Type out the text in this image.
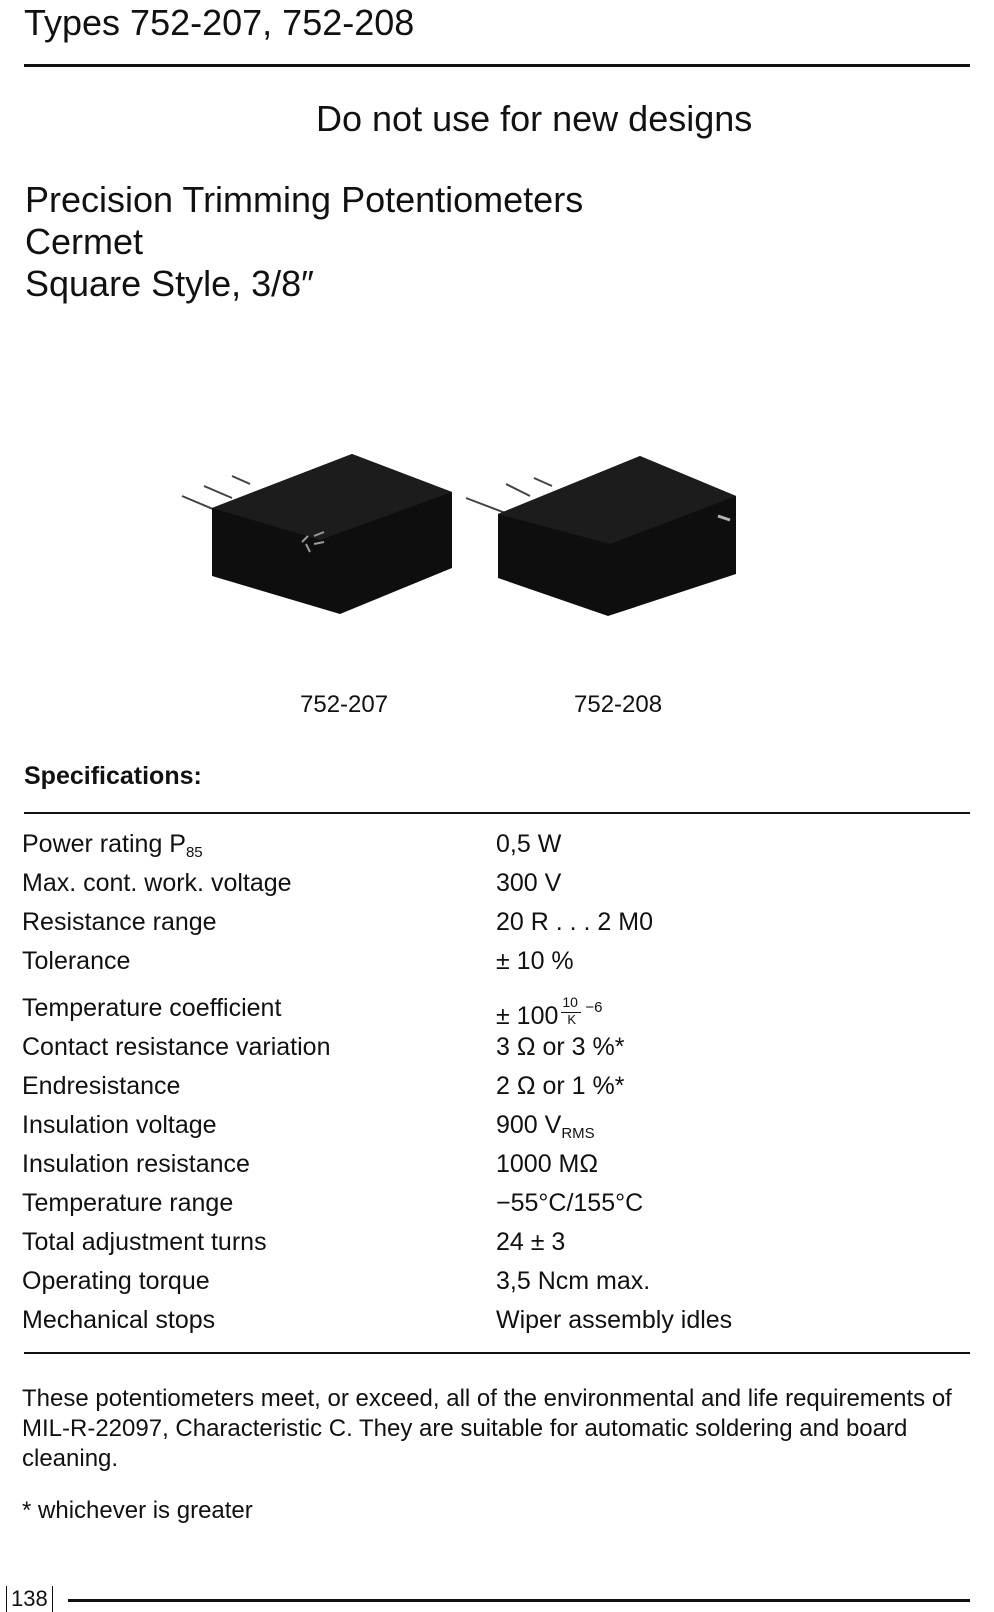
Types 752-207, 752-208
Do not use for new designs
Precision Trimming Potentiometers
Cermet
Square Style, 3/8″
752-207	752-208
Specifications:
Power rating $P_{85}$	0,5 W
Max. cont. work. voltage	300 V
Resistance range	20 R . . . 2 M0
Tolerance	± 10 %
Temperature coefficient	± $100 \frac{10}{K} ^{-6}$
Contact resistance variation	3 Ω or 3 %*
Endresistance	2 Ω or 1 %*
Insulation voltage	900 $V_{RMS}$
Insulation resistance	1000 MΩ
Temperature range	−55°C/155°C
Total adjustment turns	24 ± 3
Operating torque	3,5 Ncm max.
Mechanical stops	Wiper assembly idles
These potentiometers meet, or exceed, all of the environmental and life requirements of MIL-R-22097, Characteristic C. They are suitable for automatic soldering and board cleaning.
* whichever is greater
138
